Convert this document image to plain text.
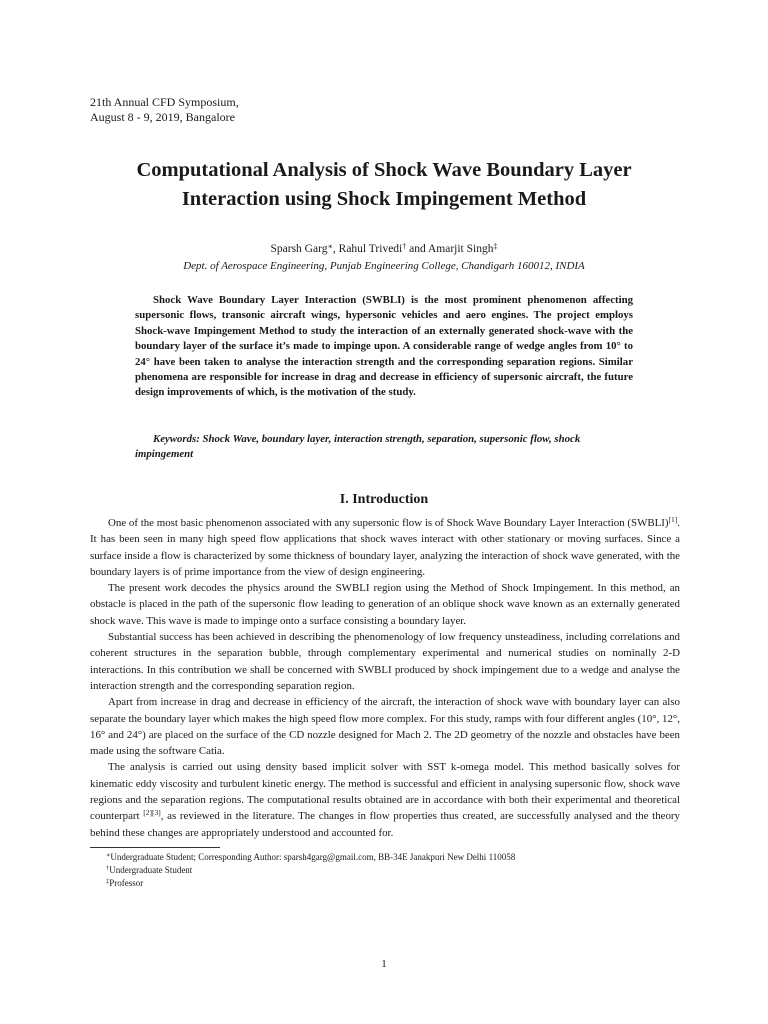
21th Annual CFD Symposium,
August 8 - 9, 2019, Bangalore
Computational Analysis of Shock Wave Boundary Layer
Interaction using Shock Impingement Method
Sparsh Garg∗, Rahul Trivedi† and Amarjit Singh‡
Dept. of Aerospace Engineering, Punjab Engineering College, Chandigarh 160012, INDIA
Shock Wave Boundary Layer Interaction (SWBLI) is the most prominent phenomenon affecting supersonic flows, transonic aircraft wings, hypersonic vehicles and aero engines. The project employs Shock-wave Impingement Method to study the interaction of an externally generated shock-wave with the boundary layer of the surface it’s made to impinge upon. A considerable range of wedge angles from 10° to 24° have been taken to analyse the interaction strength and the corresponding separation regions. Similar phenomena are responsible for increase in drag and decrease in efficiency of supersonic aircraft, the future design improvements of which, is the motivation of the study.
Keywords: Shock Wave, boundary layer, interaction strength, separation, supersonic flow, shock impingement
I. Introduction

One of the most basic phenomenon associated with any supersonic flow is of Shock Wave Boundary Layer Interaction (SWBLI)[1]. It has been seen in many high speed flow applications that shock waves interact with other stationary or moving surfaces. Since a surface inside a flow is characterized by some thickness of boundary layer, analyzing the interaction of shock wave generated, with the boundary layers is of prime importance from the view of design engineering.

The present work decodes the physics around the SWBLI region using the Method of Shock Impingement. In this method, an obstacle is placed in the path of the supersonic flow leading to generation of an oblique shock wave known as an externally generated shock wave. This wave is made to impinge onto a surface consisting a boundary layer.

Substantial success has been achieved in describing the phenomenology of low frequency unsteadiness, including correlations and coherent structures in the separation bubble, through complementary experimental and numerical studies on nominally 2-D interactions. In this contribution we shall be concerned with SWBLI produced by shock impingement due to a wedge and analyse the interaction strength and the corresponding separation region.

Apart from increase in drag and decrease in efficiency of the aircraft, the interaction of shock wave with boundary layer can also separate the boundary layer which makes the high speed flow more complex. For this study, ramps with four different angles (10°, 12°, 16° and 24°) are placed on the surface of the CD nozzle designed for Mach 2. The 2D geometry of the nozzle and obstacles have been made using the software Catia.

The analysis is carried out using density based implicit solver with SST k-omega model. This method basically solves for kinematic eddy viscosity and turbulent kinetic energy. The method is successful and efficient in analysing supersonic flow, shock wave regions and the separation regions. The computational results obtained are in accordance with both their experimental and theoretical counterpart [2][3], as reviewed in the literature. The changes in flow properties thus created, are successfully analysed and the theory behind these changes are appropriately understood and accounted for.

∗Undergraduate Student; Corresponding Author: sparsh4garg@gmail.com, BB-34E Janakpuri New Delhi 110058
†Undergraduate Student
‡Professor
1
